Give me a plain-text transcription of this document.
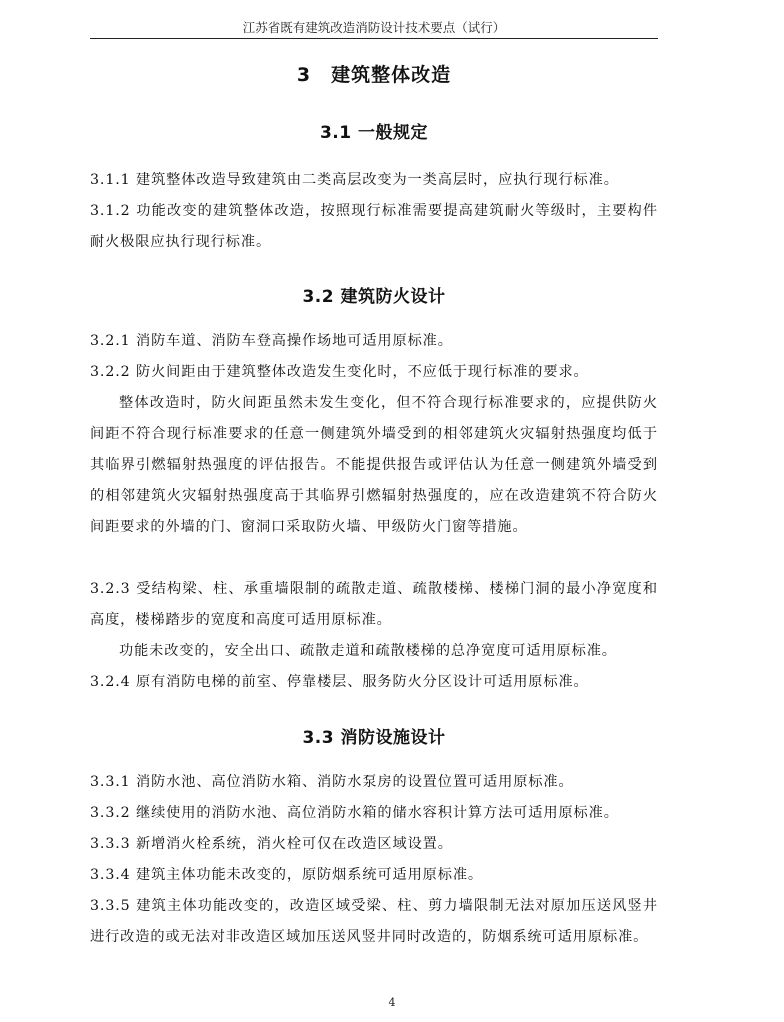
江苏省既有建筑改造消防设计技术要点（试行）
3　建筑整体改造
3.1 一般规定

3.1.1 建筑整体改造导致建筑由二类高层改变为一类高层时，应执行现行标准。

3.1.2 功能改变的建筑整体改造，按照现行标准需要提高建筑耐火等级时，主要构件耐火极限应执行现行标准。

3.2 建筑防火设计

3.2.1 消防车道、消防车登高操作场地可适用原标准。

3.2.2 防火间距由于建筑整体改造发生变化时，不应低于现行标准的要求。

整体改造时，防火间距虽然未发生变化，但不符合现行标准要求的，应提供防火间距不符合现行标准要求的任意一侧建筑外墙受到的相邻建筑火灾辐射热强度均低于其临界引燃辐射热强度的评估报告。不能提供报告或评估认为任意一侧建筑外墙受到的相邻建筑火灾辐射热强度高于其临界引燃辐射热强度的，应在改造建筑不符合防火间距要求的外墙的门、窗洞口采取防火墙、甲级防火门窗等措施。

3.2.3 受结构梁、柱、承重墙限制的疏散走道、疏散楼梯、楼梯门洞的最小净宽度和高度，楼梯踏步的宽度和高度可适用原标准。

功能未改变的，安全出口、疏散走道和疏散楼梯的总净宽度可适用原标准。

3.2.4 原有消防电梯的前室、停靠楼层、服务防火分区设计可适用原标准。

3.3 消防设施设计

3.3.1 消防水池、高位消防水箱、消防水泵房的设置位置可适用原标准。

3.3.2 继续使用的消防水池、高位消防水箱的储水容积计算方法可适用原标准。

3.3.3 新增消火栓系统，消火栓可仅在改造区域设置。

3.3.4 建筑主体功能未改变的，原防烟系统可适用原标准。

3.3.5 建筑主体功能改变的，改造区域受梁、柱、剪力墙限制无法对原加压送风竖井进行改造的或无法对非改造区域加压送风竖井同时改造的，防烟系统可适用原标准。

4
